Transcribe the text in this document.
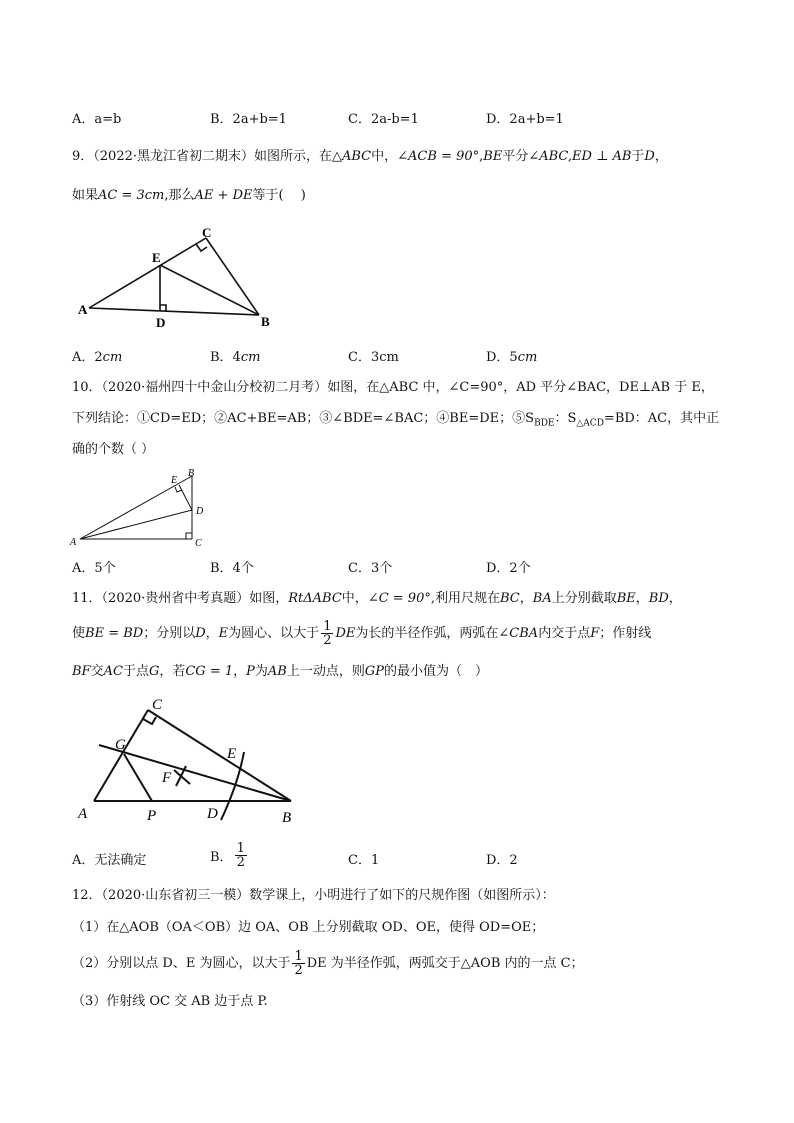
A．a=b	B．2a+b=1	C．2a-b=1	D．2a+b=1
9．（2022·黑龙江省初二期末）如图所示，在△ABC中，∠ACB = 90°,BE平分∠ABC,ED ⊥ AB于D，
如果AC = 3cm,那么AE + DE等于(　 )
A
B
C
D
E
A．2cm	B．4cm	C．3cm	D．5cm
10．（2020·福州四十中金山分校初二月考）如图，在△ABC 中，∠C=90°，AD 平分∠BAC，DE⊥AB 于 E，
下列结论：①CD=ED；②AC+BE=AB；③∠BDE=∠BAC；④BE=DE；$⑤S_{BDE}$：$S_{\triangle ACD}=BD$：AC，其中正
确的个数（ ）
A
B
C
D
E
A．5个	B．4个	C．3个	D．2个
11．（2020·贵州省中考真题）如图，RtΔABC中，∠C = 90°,利用尺规在BC，BA上分别截取BE，BD，
使BE = BD；分别以D，E为圆心、以大于 $\frac{1}{2}$ DE为长的半径作弧，两弧在∠CBA内交于点F；作射线
BF交AC于点G，若CG = 1，P为AB上一动点，则GP的最小值为（　）
A	B
C
D
E
F
G
P
A．无法确定	B． $\frac{1}{2}$	C．1	D．2
12．（2020·山东省初三一模）数学课上，小明进行了如下的尺规作图（如图所示）：
（1）在△AOB（OA＜OB）边 OA、OB 上分别截取 OD、OE，使得 OD=OE；
（2）分别以点 D、E 为圆心，以大于 $\frac{1}{2}$ DE 为半径作弧，两弧交于△AOB 内的一点 C；
（3）作射线 OC 交 AB 边于点 P.
